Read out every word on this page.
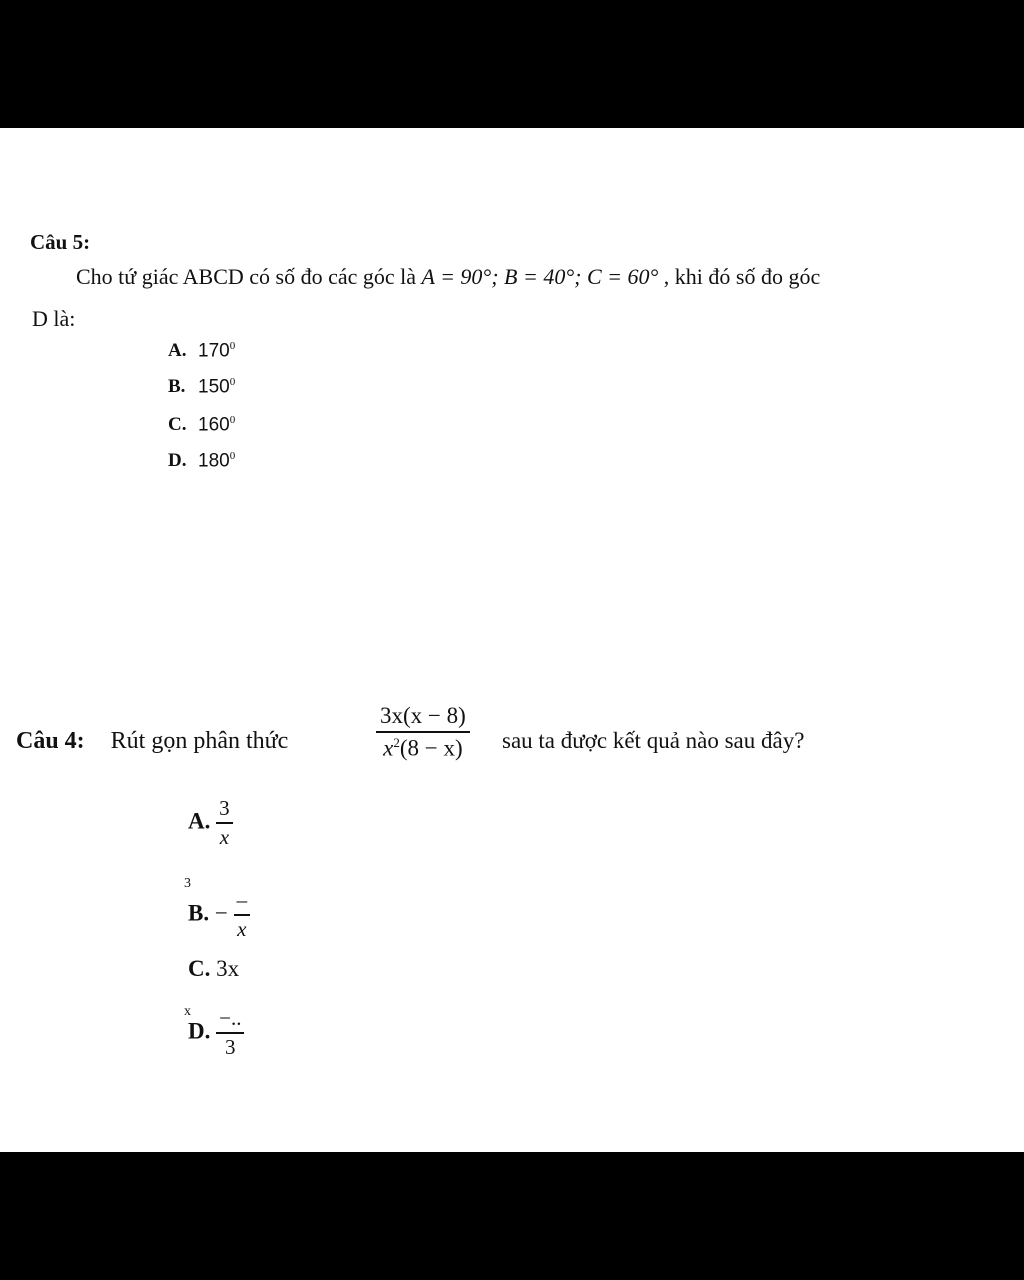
Câu 5:
Cho tứ giác ABCD có số đo các góc là A = 90°; B = 40°; C = 60° , khi đó số đo góc
D là:
A. $170^0$
B. $150^0$
C. $160^0$
D. $180^0$
Câu 4: Rút gọn phân thức	$\frac{3x(x - 8)}{x^2(8 - x)}$ sau ta được kết quả nào sau đây?
A. $\frac{3}{x}$
3
B. − $\frac{-}{x}$
C. 3x
x
D. $\frac{-..}{3}$
